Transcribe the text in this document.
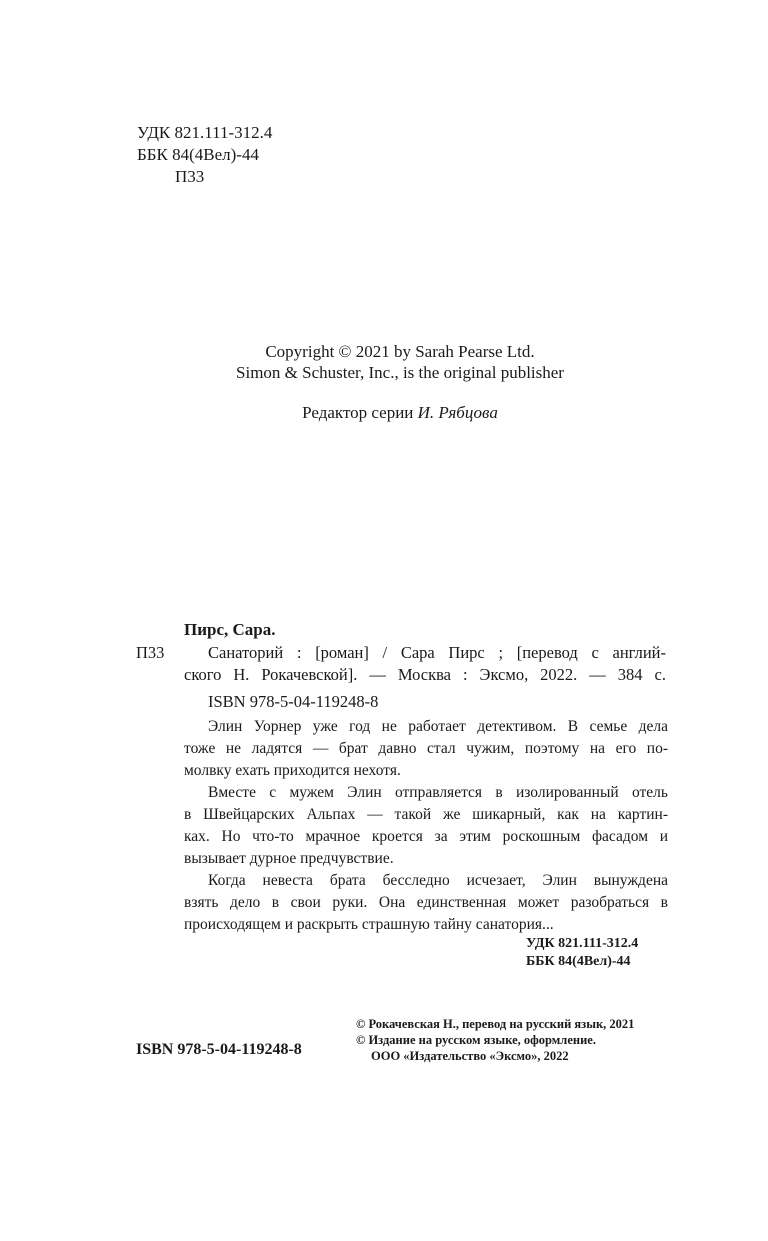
УДК 821.111-312.4
ББК 84(4Вел)-44
П33
Copyright © 2021 by Sarah Pearse Ltd.
Simon & Schuster, Inc., is the original publisher
Редактор серии И. Рябцова
Пирс, Сара.
П33	Санаторий : [роман] / Сара Пирс ; [перевод с англий-
ского Н. Рокачевской]. — Москва : Эксмо, 2022. — 384 с.
ISBN 978-5-04-119248-8
Элин Уорнер уже год не работает детективом. В семье дела
тоже не ладятся — брат давно стал чужим, поэтому на его по-
молвку ехать приходится нехотя.
Вместе с мужем Элин отправляется в изолированный отель
в Швейцарских Альпах — такой же шикарный, как на картин-
ках. Но что-то мрачное кроется за этим роскошным фасадом и
вызывает дурное предчувствие.
Когда невеста брата бесследно исчезает, Элин вынуждена
взять дело в свои руки. Она единственная может разобраться в
происходящем и раскрыть страшную тайну санатория...
УДК 821.111-312.4
ББК 84(4Вел)-44
© Рокачевская Н., перевод на русский язык, 2021
© Издание на русском языке, оформление.
ООО «Издательство «Эксмо», 2022
ISBN 978-5-04-119248-8
